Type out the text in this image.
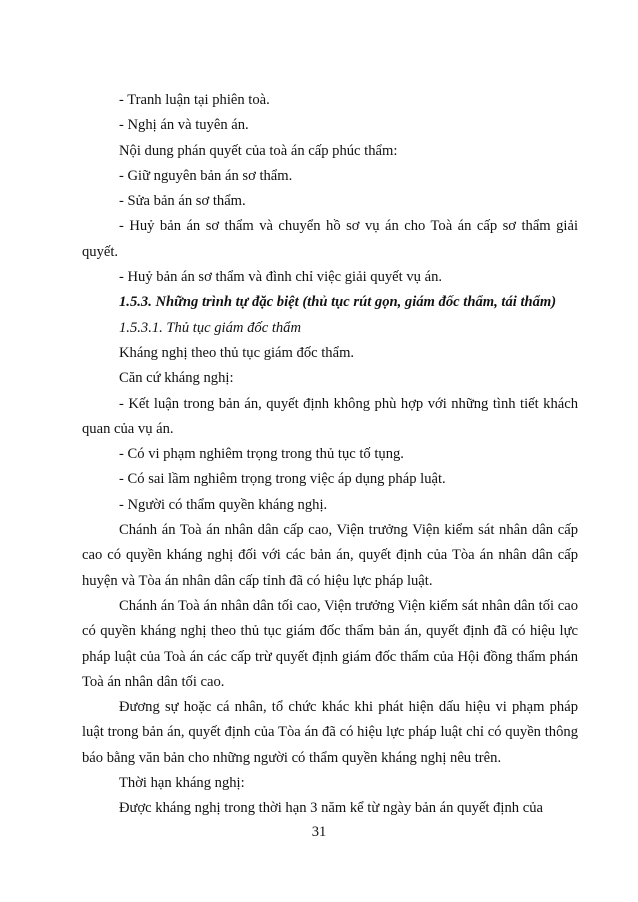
- Tranh luận tại phiên toà.

- Nghị án và tuyên án.

Nội dung phán quyết của toà án cấp phúc thẩm:

- Giữ nguyên bản án sơ thẩm.

- Sửa bản án sơ thẩm.

- Huỷ bản án sơ thẩm và chuyển hồ sơ vụ án cho Toà án cấp sơ thẩm giải quyết.

- Huỷ bản án sơ thẩm và đình chỉ việc giải quyết vụ án.

1.5.3. Những trình tự đặc biệt (thủ tục rút gọn, giám đốc thẩm, tái thẩm)

1.5.3.1. Thủ tục giám đốc thẩm

Kháng nghị theo thủ tục giám đốc thẩm.

Căn cứ kháng nghị:

- Kết luận trong bản án, quyết định không phù hợp với những tình tiết khách quan của vụ án.

- Có vi phạm nghiêm trọng trong thủ tục tố tụng.

- Có sai lầm nghiêm trọng trong việc áp dụng pháp luật.

- Người có thẩm quyền kháng nghị.

Chánh án Toà án nhân dân cấp cao, Viện trưởng Viện kiểm sát nhân dân cấp cao có quyền kháng nghị đối với các bản án, quyết định của Tòa án nhân dân cấp huyện và Tòa án nhân dân cấp tỉnh đã có hiệu lực pháp luật.

Chánh án Toà án nhân dân tối cao, Viện trưởng Viện kiểm sát nhân dân tối cao có quyền kháng nghị theo thủ tục giám đốc thẩm bản án, quyết định đã có hiệu lực pháp luật của Toà án các cấp trừ quyết định giám đốc thẩm của Hội đồng thẩm phán Toà án nhân dân tối cao.

Đương sự hoặc cá nhân, tổ chức khác khi phát hiện dấu hiệu vi phạm pháp luật trong bản án, quyết định của Tòa án đã có hiệu lực pháp luật chỉ có quyền thông báo bằng văn bản cho những người có thẩm quyền kháng nghị nêu trên.

Thời hạn kháng nghị:

Được kháng nghị trong thời hạn 3 năm kể từ ngày bản án quyết định của

31
